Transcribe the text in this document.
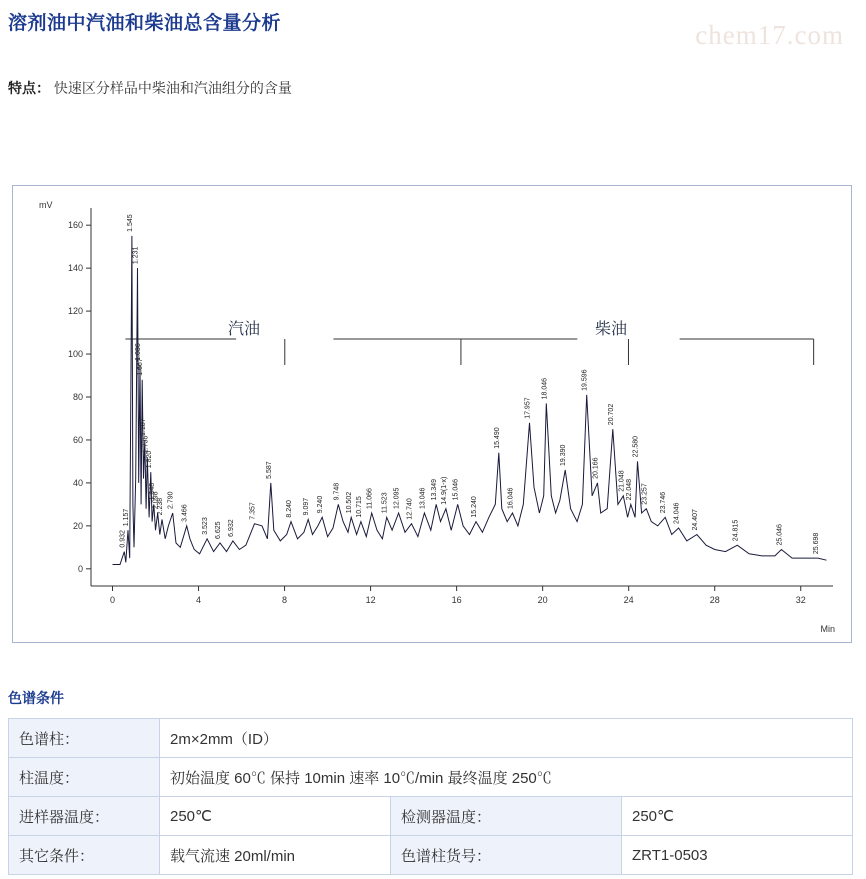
溶剂油中汽油和柴油总含量分析	chem17.com
特点： 快速区分样品中柴油和汽油组分的含量
mV
Min
0
20
40
60
80
100
120
140
160
0	4	8	12	16	20	24	28	32
0.932
1.157
1.545
1.231
1.036
1.667
1.187
1.736
1.820
1.948
2.098
2.238 2.790
3.466
3.523 6.625 6.932
7.357
5.587
8.240 9.097 9.240
9.748
10.502 10.715 11.066 11.523 12.095 12.740 13.046 13.349 14.9(1-x) 15.046
15.240
15.490
16.046
17.957
18.046
19.390
19.596
20.166
20.702
21.048 22.048
22.580
23.257 23.746 24.046 24.407	24.815	25.046	25.698
汽油	柴油
色谱条件
色谱柱：	2m×2mm（ID）		
柱温度：	初始温度 60℃ 保持 10min 速率 10℃/min 最终温度 250℃		
进样器温度：	250℃	检测器温度：	250℃
其它条件：	载气流速 20ml/min	色谱柱货号：	ZRT1-0503
